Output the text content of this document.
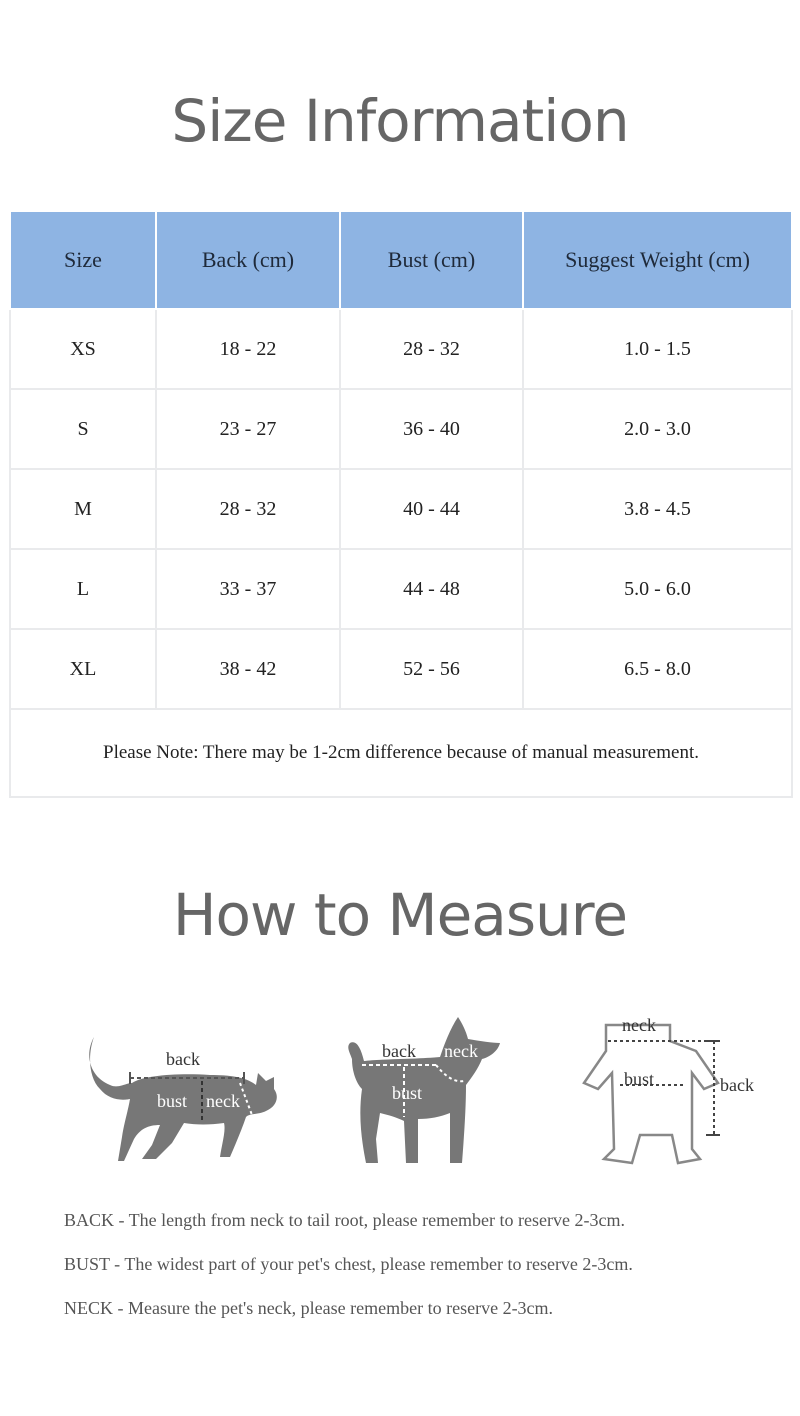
Size Information
Size	Back (cm)	Bust (cm)	Suggest Weight (cm)
XS	18 - 22	28 - 32	1.0 - 1.5
S	23 - 27	36 - 40	2.0 - 3.0
M	28 - 32	40 - 44	3.8 - 4.5
L	33 - 37	44 - 48	5.0 - 6.0
XL	38 - 42	52 - 56	6.5 - 8.0
Please Note: There may be 1-2cm difference because of manual measurement.			
How to Measure
back
bust neck
back neck
bust
neck
bust	back

BACK - The length from neck to tail root, please remember to reserve 2-3cm.

BUST - The widest part of your pet's chest, please remember to reserve 2-3cm.

NECK - Measure the pet's neck, please remember to reserve 2-3cm.
